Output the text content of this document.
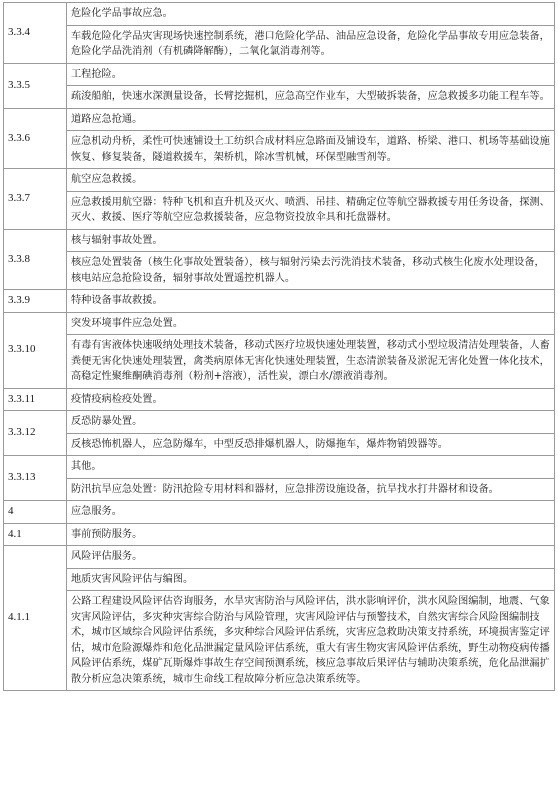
3.3.4	危险化学品事故应急。
	车载危险化学品灾害现场快速控制系统，港口危险化学品、油品应急设备，危险化学品事故专用应急装备，危险化学品洗消剂（有机磷降解酶），二氧化氯消毒剂等。
3.3.5	工程抢险。
	疏浚船舶，快速水深测量设备，长臂挖掘机，应急高空作业车，大型破拆装备，应急救援多功能工程车等。
3.3.6	道路应急抢通。
	应急机动舟桥，柔性可快速铺设土工纺织合成材料应急路面及铺设车，道路、桥梁、港口、机场等基础设施恢复、修复装备，隧道救援车，架桥机，除冰雪机械，环保型融雪剂等。
3.3.7	航空应急救援。
	应急救援用航空器：特种飞机和直升机及灭火、喷洒、吊挂、精确定位等航空器救援专用任务设备，探测、灭火、救援、医疗等航空应急救援装备，应急物资投放伞具和托盘器材。
3.3.8	核与辐射事故处置。
	核应急处置装备（核生化事故处置装备），核与辐射污染去污洗消技术装备，移动式核生化废水处理设备，核电站应急抢险设备，辐射事故处置遥控机器人。
3.3.9	特种设备事故救援。
3.3.10	突发环境事件应急处置。
	有毒有害液体快速吸纳处理技术装备，移动式医疗垃圾快速处理装置，移动式小型垃圾清洁处理装备，人畜粪便无害化快速处理装置，禽类病原体无害化快速处理装置，生态清淤装备及淤泥无害化处置一体化技术，高稳定性聚维酮碘消毒剂（粉剂+溶液），活性炭，漂白水/漂液消毒剂。
3.3.11	疫情疫病检疫处置。
3.3.12	反恐防暴处置。
	反核恐怖机器人，应急防爆车，中型反恐排爆机器人，防爆拖车，爆炸物销毁器等。
3.3.13	其他。
	防汛抗旱应急处置：防汛抢险专用材料和器材，应急排涝设施设备，抗旱找水打井器材和设备。
4	应急服务。
4.1	事前预防服务。
4.1.1	风险评估服务。
	地质灾害风险评估与编图。
	公路工程建设风险评估咨询服务，水旱灾害防治与风险评估，洪水影响评价，洪水风险图编制，地震、气象灾害风险评估，多灾种灾害综合防治与风险管理，灾害风险评估与预警技术，自然灾害综合风险图编制技术，城市区域综合风险评估系统，多灾种综合风险评估系统，灾害应急救助决策支持系统，环境损害鉴定评估，城市危险源爆炸和危化品泄漏定量风险评估系统，重大有害生物灾害风险评估系统，野生动物疫病传播风险评估系统，煤矿瓦斯爆炸事故生存空间预测系统，核应急事故后果评估与辅助决策系统，危化品泄漏扩散分析应急决策系统，城市生命线工程故障分析应急决策系统等。
